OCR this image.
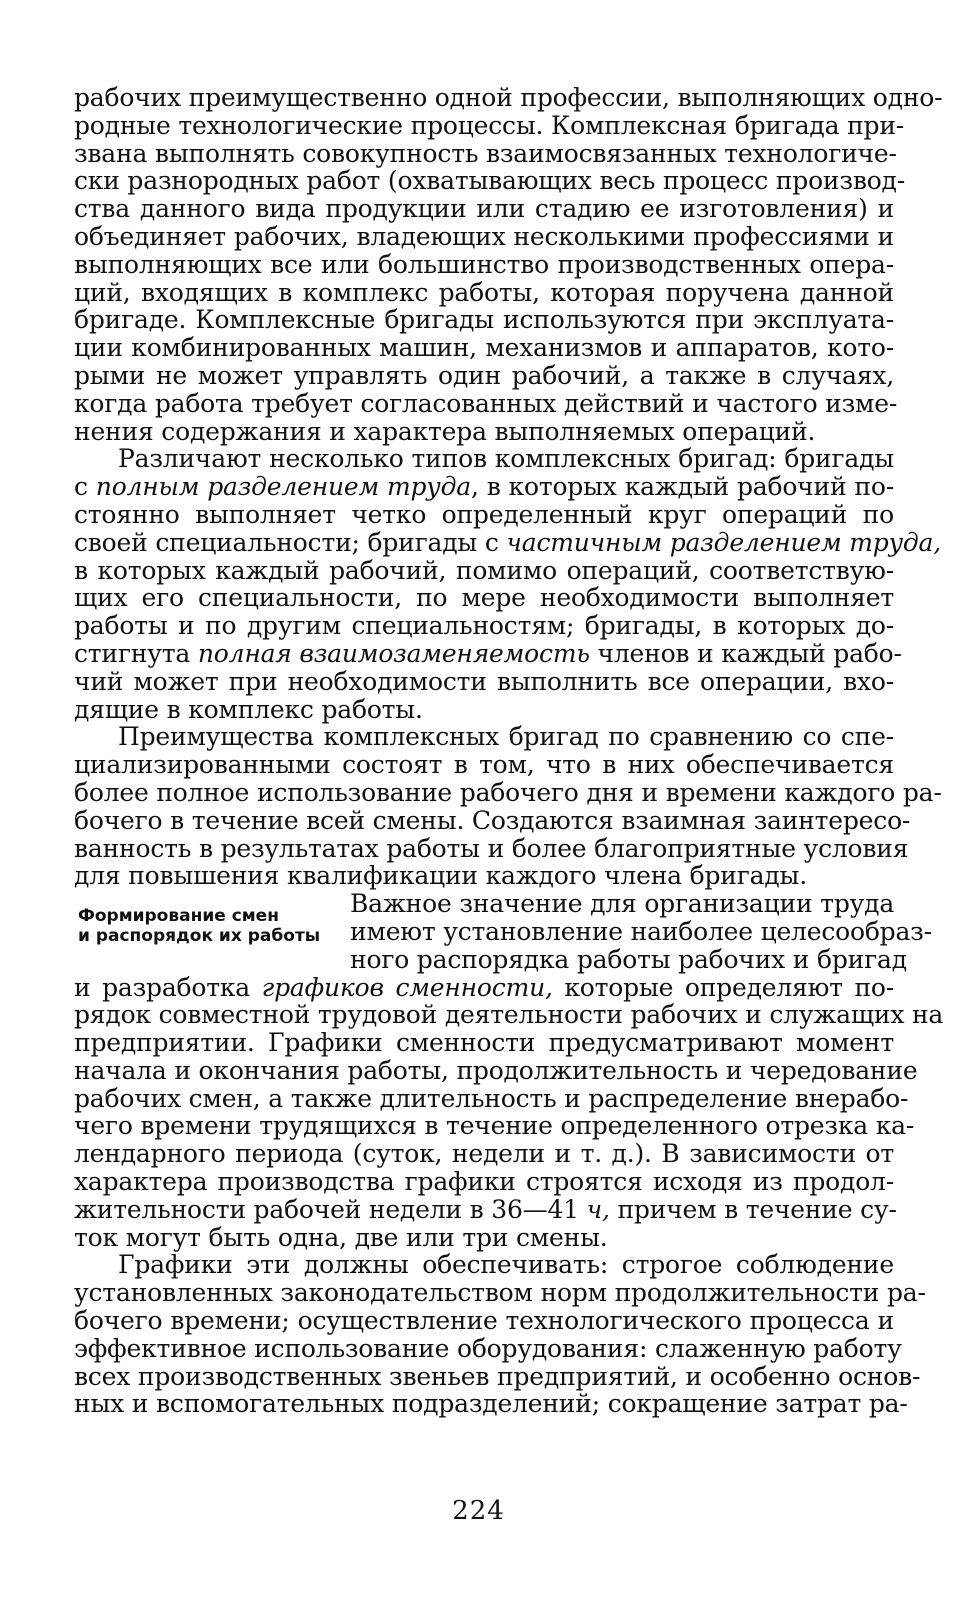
рабочих преимущественно одной профессии, выполняющих одно-
родные технологические процессы. Комплексная бригада при-
звана выполнять совокупность взаимосвязанных технологиче-
ски разнородных работ (охватывающих весь процесс производ-
ства данного вида продукции или стадию ее изготовления) и
объединяет рабочих, владеющих несколькими профессиями и
выполняющих все или большинство производственных опера-
ций, входящих в комплекс работы, которая поручена данной
бригаде. Комплексные бригады используются при эксплуата-
ции комбинированных машин, механизмов и аппаратов, кото-
рыми не может управлять один рабочий, а также в случаях,
когда работа требует согласованных действий и частого изме-
нения содержания и характера выполняемых операций.
Различают несколько типов комплексных бригад: бригады
с полным разделением труда, в которых каждый рабочий по-
стоянно выполняет четко определенный круг операций по
своей специальности; бригады с частичным разделением труда,
в которых каждый рабочий, помимо операций, соответствую-
щих его специальности, по мере необходимости выполняет
работы и по другим специальностям; бригады, в которых до-
стигнута полная взаимозаменяемость членов и каждый рабо-
чий может при необходимости выполнить все операции, вхо-
дящие в комплекс работы.
Преимущества комплексных бригад по сравнению со спе-
циализированными состоят в том, что в них обеспечивается
более полное использование рабочего дня и времени каждого ра-
бочего в течение всей смены. Создаются взаимная заинтересо-
ванность в результатах работы и более благоприятные условия
для повышения квалификации каждого члена бригады.
Формирование смен
и распорядок их работы
Важное значение для организации труда
имеют установление наиболее целесообраз-
ного распорядка работы рабочих и бригад
и разработка графиков сменности, которые определяют по-
рядок совместной трудовой деятельности рабочих и служащих на
предприятии. Графики сменности предусматривают момент
начала и окончания работы, продолжительность и чередование
рабочих смен, а также длительность и распределение внерабо-
чего времени трудящихся в течение определенного отрезка ка-
лендарного периода (суток, недели и т. д.). В зависимости от
характера производства графики строятся исходя из продол-
жительности рабочей недели в 36—41 ч, причем в течение су-
ток могут быть одна, две или три смены.
Графики эти должны обеспечивать: строгое соблюдение
установленных законодательством норм продолжительности ра-
бочего времени; осуществление технологического процесса и
эффективное использование оборудования: слаженную работу
всех производственных звеньев предприятий, и особенно основ-
ных и вспомогательных подразделений; сокращение затрат ра-
224
